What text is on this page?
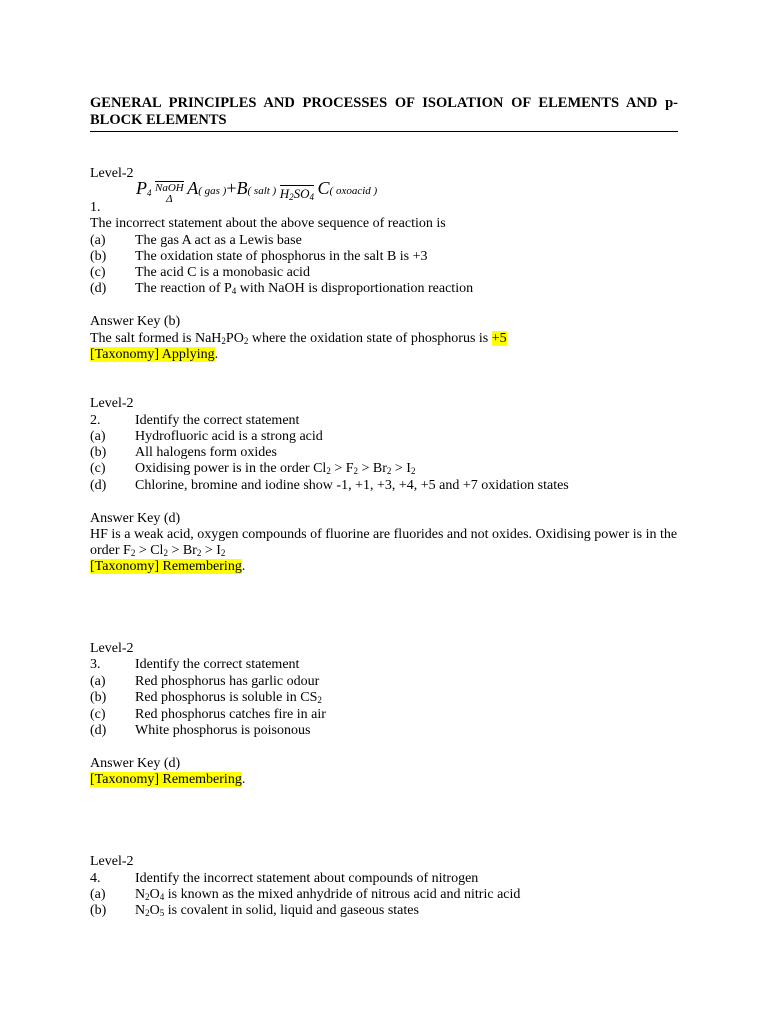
GENERAL PRINCIPLES AND PROCESSES OF ISOLATION OF ELEMENTS AND p-BLOCK ELEMENTS
Level-2
$P_4$ NaOH
Δ
A( gas )+B( salt ) $H_2SO_4$ C( oxoacid )
1.
The incorrect statement about the above sequence of reaction is
(a) The gas A act as a Lewis base
(b) The oxidation state of phosphorus in the salt B is +3
(c) The acid C is a monobasic acid
(d) The reaction of $P_4$ with NaOH is disproportionation reaction
Answer Key (b)
The salt formed is $NaH_2PO_2$ where the oxidation state of phosphorus is +5
[Taxonomy] Applying.
Level-2
2. Identify the correct statement
(a) Hydrofluoric acid is a strong acid
(b) All halogens form oxides
(c) Oxidising power is in the order $Cl_2 > F_2 > Br_2 > I_2$
(d) Chlorine, bromine and iodine show -1, +1, +3, +4, +5 and +7 oxidation states
Answer Key (d)
HF is a weak acid, oxygen compounds of fluorine are fluorides and not oxides. Oxidising power is in the
order $F_2 > Cl_2 > Br_2 > I_2$
[Taxonomy] Remembering.
Level-2
3. Identify the correct statement
(a) Red phosphorus has garlic odour
(b) Red phosphorus is soluble in $CS_2$
(c) Red phosphorus catches fire in air
(d) White phosphorus is poisonous
Answer Key (d)
[Taxonomy] Remembering.
Level-2
4. Identify the incorrect statement about compounds of nitrogen
(a) $N_2O_4$ is known as the mixed anhydride of nitrous acid and nitric acid
(b) $N_2O_5$ is covalent in solid, liquid and gaseous states
